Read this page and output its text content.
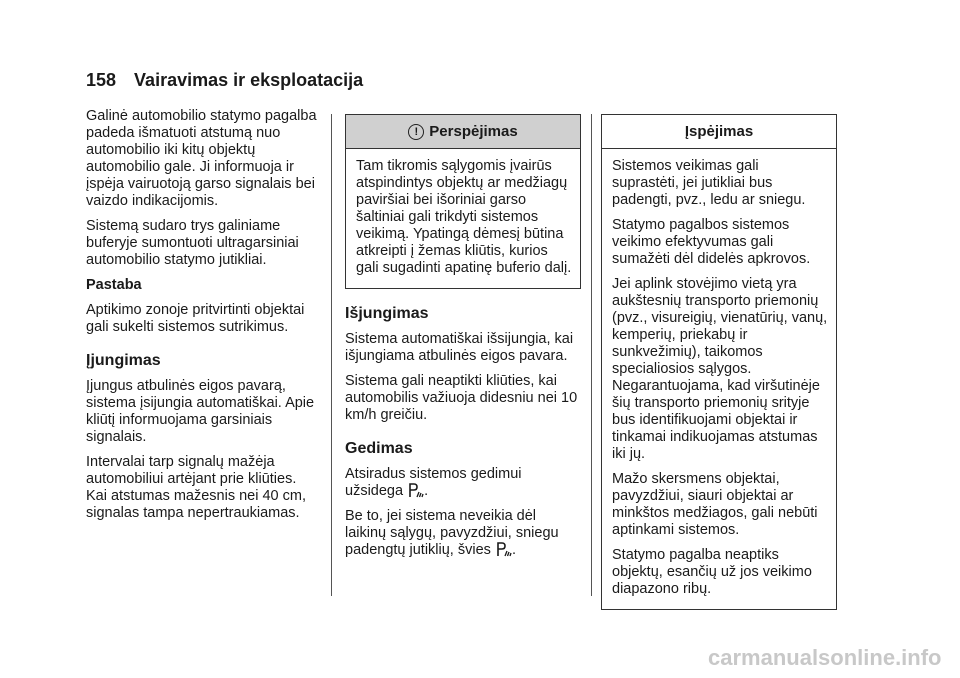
158 Vairavimas ir eksploatacija

Galinė automobilio statymo pagalba padeda išmatuoti atstumą nuo automobilio iki kitų objektų automobilio gale. Ji informuoja ir įspėja vairuotoją garso signalais bei vaizdo indikacijomis.

Sistemą sudaro trys galiniame buferyje sumontuoti ultragarsiniai automobilio statymo jutikliai.

Pastaba

Aptikimo zonoje pritvirtinti objektai gali sukelti sistemos sutrikimus.

Įjungimas

Įjungus atbulinės eigos pavarą, sistema įsijungia automatiškai. Apie kliūtį informuojama garsiniais signalais.

Intervalai tarp signalų mažėja automobiliui artėjant prie kliūties. Kai atstumas mažesnis nei 40 cm, signalas tampa nepertraukiamas.

! Perspėjimas

Tam tikromis sąlygomis įvairūs atspindintys objektų ar medžiagų paviršiai bei išoriniai garso šaltiniai gali trikdyti sistemos veikimą. Ypatingą dėmesį būtina atkreipti į žemas kliūtis, kurios gali sugadinti apatinę buferio dalį.

Išjungimas

Sistema automatiškai išsijungia, kai išjungiama atbulinės eigos pavara.

Sistema gali neaptikti kliūties, kai automobilis važiuoja didesniu nei 10 km/h greičiu.

Gedimas

Atsiradus sistemos gedimui užsidega .

Be to, jei sistema neveikia dėl laikinų sąlygų, pavyzdžiui, sniegu padengtų jutiklių, švies .

Įspėjimas

Sistemos veikimas gali suprastėti, jei jutikliai bus padengti, pvz., ledu ar sniegu.

Statymo pagalbos sistemos veikimo efektyvumas gali sumažėti dėl didelės apkrovos.

Jei aplink stovėjimo vietą yra aukštesnių transporto priemonių (pvz., visureigių, vienatūrių, vanų, kemperių, priekabų ir sunkvežimių), taikomos specialiosios sąlygos. Negarantuojama, kad viršutinėje šių transporto priemonių srityje bus identifikuojami objektai ir tinkamai indikuojamas atstumas iki jų.

Mažo skersmens objektai, pavyzdžiui, siauri objektai ar minkštos medžiagos, gali nebūti aptinkami sistemos.

Statymo pagalba neaptiks objektų, esančių už jos veikimo diapazono ribų.

carmanualsonline.info
